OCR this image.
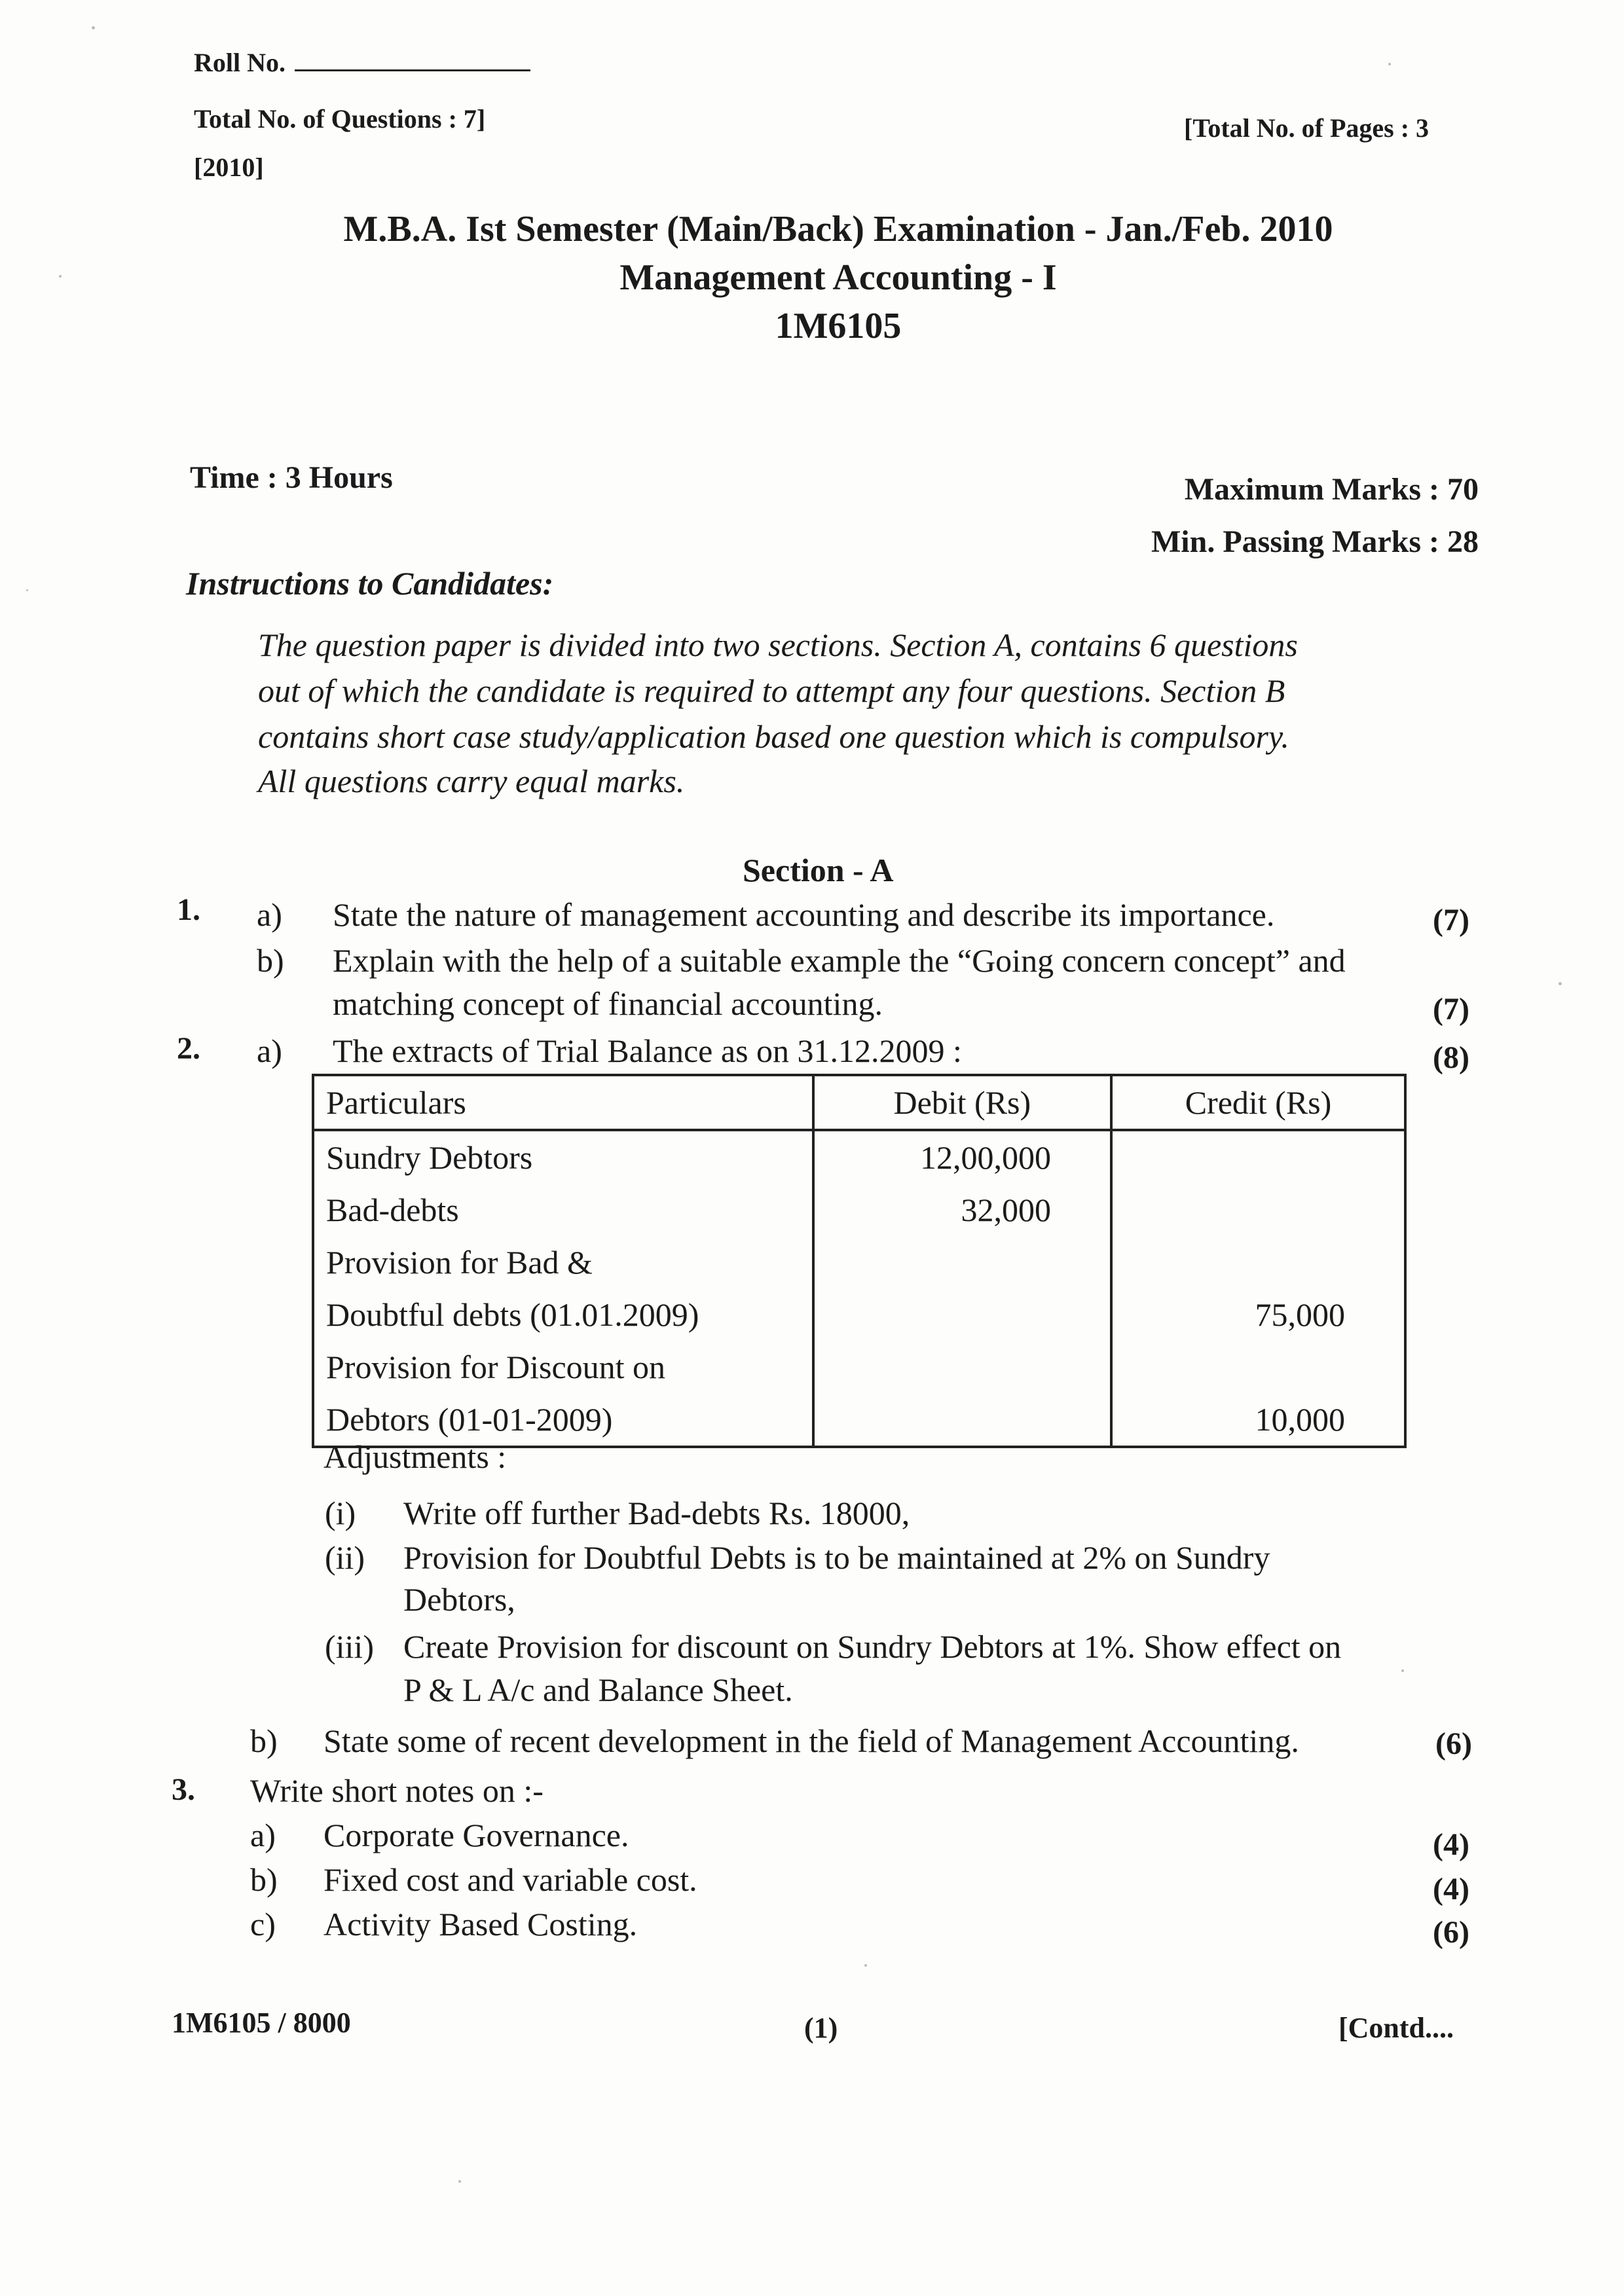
Roll No.
Total No. of Questions : 7]	[Total No. of Pages : 3
[2010]
M.B.A. Ist Semester (Main/Back) Examination - Jan./Feb. 2010
Management Accounting - I
1M6105
Time : 3 Hours	Maximum Marks : 70
Min. Passing Marks : 28
Instructions to Candidates:
The question paper is divided into two sections. Section A, contains 6 questions
out of which the candidate is required to attempt any four questions. Section B
contains short case study/application based one question which is compulsory.
All questions carry equal marks.
Section - A
1. a) State the nature of management accounting and describe its importance.	(7)
b) Explain with the help of a suitable example the “Going concern concept” and
matching concept of financial accounting.	(7)
2. a) The extracts of Trial Balance as on 31.12.2009 :	(8)
Particulars	Debit (Rs)	Credit (Rs)
Sundry Debtors	12,00,000	
Bad-debts	32,000	
Provision for Bad &		
Doubtful debts (01.01.2009)		75,000
Provision for Discount on		
Debtors (01-01-2009)		10,000
Adjustments :
(i) Write off further Bad-debts Rs. 18000,
(ii) Provision for Doubtful Debts is to be maintained at 2% on Sundry
Debtors,
(iii) Create Provision for discount on Sundry Debtors at 1%. Show effect on
P & L A/c and Balance Sheet.
b) State some of recent development in the field of Management Accounting.	(6)
3. Write short notes on :-
a) Corporate Governance.	(4)
b) Fixed cost and variable cost.	(4)
c) Activity Based Costing.	(6)
1M6105 / 8000	(1)	[Contd....
